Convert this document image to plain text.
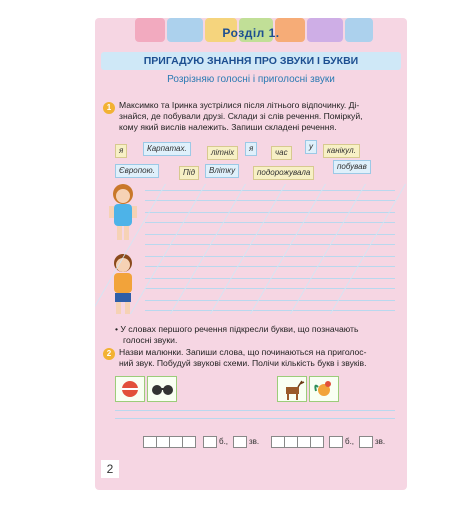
Розділ 1.
ПРИГАДУЮ ЗНАННЯ ПРО ЗВУКИ І БУКВИ
Розрізняю голосні і приголосні звуки
1 Максимко та Іринка зустрілися після літнього відпочинку. Ді-
знайся, де побували друзі. Склади зі слів речення. Поміркуй,
кому який вислів належить. Запиши складені речення.
я	Карпатах.	літніх	я	час
у	канікул.
Європою.	Під	Влітку	подорожувала
побував
• У словах першого речення підкресли букви, що позначають
голосні звуки.
2 Назви малюнки. Запиши слова, що починаються на приголос-
ний звук. Побудуй звукові схеми. Полічи кількість букв і звуків.
б.,	зв.	б.,	зв.
2
